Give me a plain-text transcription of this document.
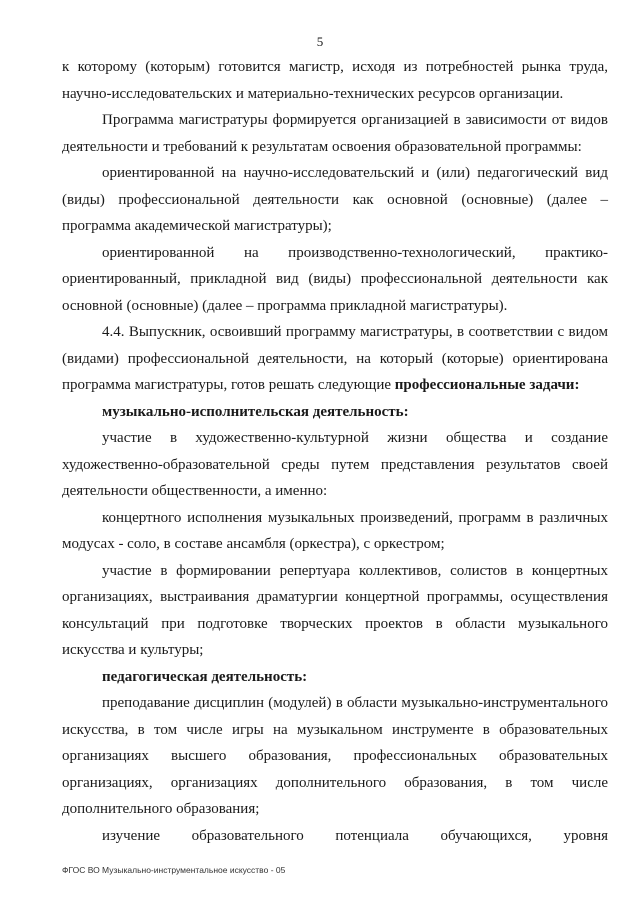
5

к которому (которым) готовится магистр, исходя из потребностей рынка труда, научно-исследовательских и материально-технических ресурсов организации.

Программа магистратуры формируется организацией в зависимости от видов деятельности и требований к результатам освоения образовательной программы:

ориентированной на научно-исследовательский и (или) педагогический вид (виды) профессиональной деятельности как основной (основные) (далее – программа академической магистратуры);

ориентированной на производственно-технологический, практико-ориентированный, прикладной вид (виды) профессиональной деятельности как основной (основные) (далее – программа прикладной магистратуры).

4.4. Выпускник, освоивший программу магистратуры, в соответствии с видом (видами) профессиональной деятельности, на который (которые) ориентирована программа магистратуры, готов решать следующие профессиональные задачи:

музыкально-исполнительская деятельность:

участие в художественно-культурной жизни общества и создание художественно-образовательной среды путем представления результатов своей деятельности общественности, а именно:

концертного исполнения музыкальных произведений, программ в различных модусах - соло, в составе ансамбля (оркестра), с оркестром;

участие в формировании репертуара коллективов, солистов в концертных организациях, выстраивания драматургии концертной программы, осуществления консультаций при подготовке творческих проектов в области музыкального искусства и культуры;

педагогическая деятельность:

преподавание дисциплин (модулей) в области музыкально-инструментального искусства, в том числе игры на музыкальном инструменте в образовательных организациях высшего образования, профессиональных образовательных организациях, организациях дополнительного образования, в том числе дополнительного образования;

изучение образовательного потенциала обучающихся, уровня

ФГОС ВО Музыкально-инструментальное искусство - 05
